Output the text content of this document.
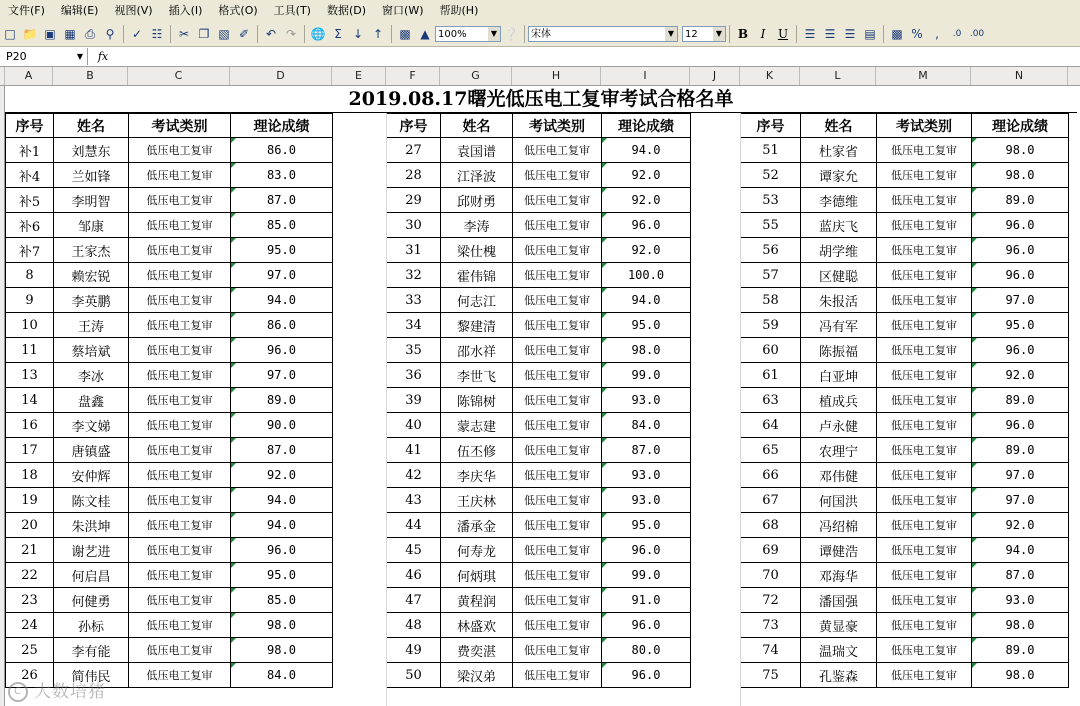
文件(F)	编辑(E)	视图(V)	插入(I)	格式(O)	工具(T)	数据(D)	窗口(W)	帮助(H)
□ 📁 ▣ ▦ ⎙ ⚲	✓ ☷	✂ ❐ ▧ ✐	↶ ↷	🌐 Σ ↓ ↑	▩ ▲ 100%	▼ ❔	宋体	▼	12	▼	B	I	U	☰ ☰ ☰ ▤	▩ %	,	.0 .00
P20	▼	fx
A	B	C	D	E	F	G	H	I	J	K	L	M	N
2019.08.17曙光低压电工复审考试合格名单
序号	姓名	考试类别	理论成绩
补1	刘慧东	低压电工复审	86.0
补4	兰如锋	低压电工复审	83.0
补5	李明智	低压电工复审	87.0
补6	邹康	低压电工复审	85.0
补7	王家杰	低压电工复审	95.0
8	赖宏锐	低压电工复审	97.0
9	李英鹏	低压电工复审	94.0
10	王涛	低压电工复审	86.0
11	蔡培斌	低压电工复审	96.0
13	李冰	低压电工复审	97.0
14	盘鑫	低压电工复审	89.0
16	李文娣	低压电工复审	90.0
17	唐镇盛	低压电工复审	87.0
18	安仲辉	低压电工复审	92.0
19	陈文桂	低压电工复审	94.0
20	朱洪坤	低压电工复审	94.0
21	谢艺进	低压电工复审	96.0
22	何启昌	低压电工复审	95.0
23	何健勇	低压电工复审	85.0
24	孙标	低压电工复审	98.0
25	李有能	低压电工复审	98.0
26	简伟民	低压电工复审	84.0
序号	姓名	考试类别	理论成绩
27	袁国谱	低压电工复审	94.0
28	江泽波	低压电工复审	92.0
29	邱财勇	低压电工复审	92.0
30	李涛	低压电工复审	96.0
31	梁仕槐	低压电工复审	92.0
32	霍伟锦	低压电工复审	100.0
33	何志江	低压电工复审	94.0
34	黎建清	低压电工复审	95.0
35	邵水祥	低压电工复审	98.0
36	李世飞	低压电工复审	99.0
39	陈锦树	低压电工复审	93.0
40	蒙志建	低压电工复审	84.0
41	伍丕修	低压电工复审	87.0
42	李庆华	低压电工复审	93.0
43	王庆林	低压电工复审	93.0
44	潘承金	低压电工复审	95.0
45	何寿龙	低压电工复审	96.0
46	何炳琪	低压电工复审	99.0
47	黄程润	低压电工复审	91.0
48	林盛欢	低压电工复审	96.0
49	费奕湛	低压电工复审	80.0
50	梁汉弟	低压电工复审	96.0
序号	姓名	考试类别	理论成绩
51	杜家省	低压电工复审	98.0
52	谭家允	低压电工复审	98.0
53	李德维	低压电工复审	89.0
55	蓝庆飞	低压电工复审	96.0
56	胡学维	低压电工复审	96.0
57	区健聪	低压电工复审	96.0
58	朱报活	低压电工复审	97.0
59	冯有军	低压电工复审	95.0
60	陈振福	低压电工复审	96.0
61	白亚坤	低压电工复审	92.0
63	植成兵	低压电工复审	89.0
64	卢永健	低压电工复审	96.0
65	农理宁	低压电工复审	89.0
66	邓伟健	低压电工复审	97.0
67	何国洪	低压电工复审	97.0
68	冯绍棉	低压电工复审	92.0
69	谭健浩	低压电工复审	94.0
70	邓海华	低压电工复审	87.0
72	潘国强	低压电工复审	93.0
73	黄显豪	低压电工复审	98.0
74	温瑞文	低压电工复审	89.0
75	孔鉴森	低压电工复审	98.0
C 大数培猪
